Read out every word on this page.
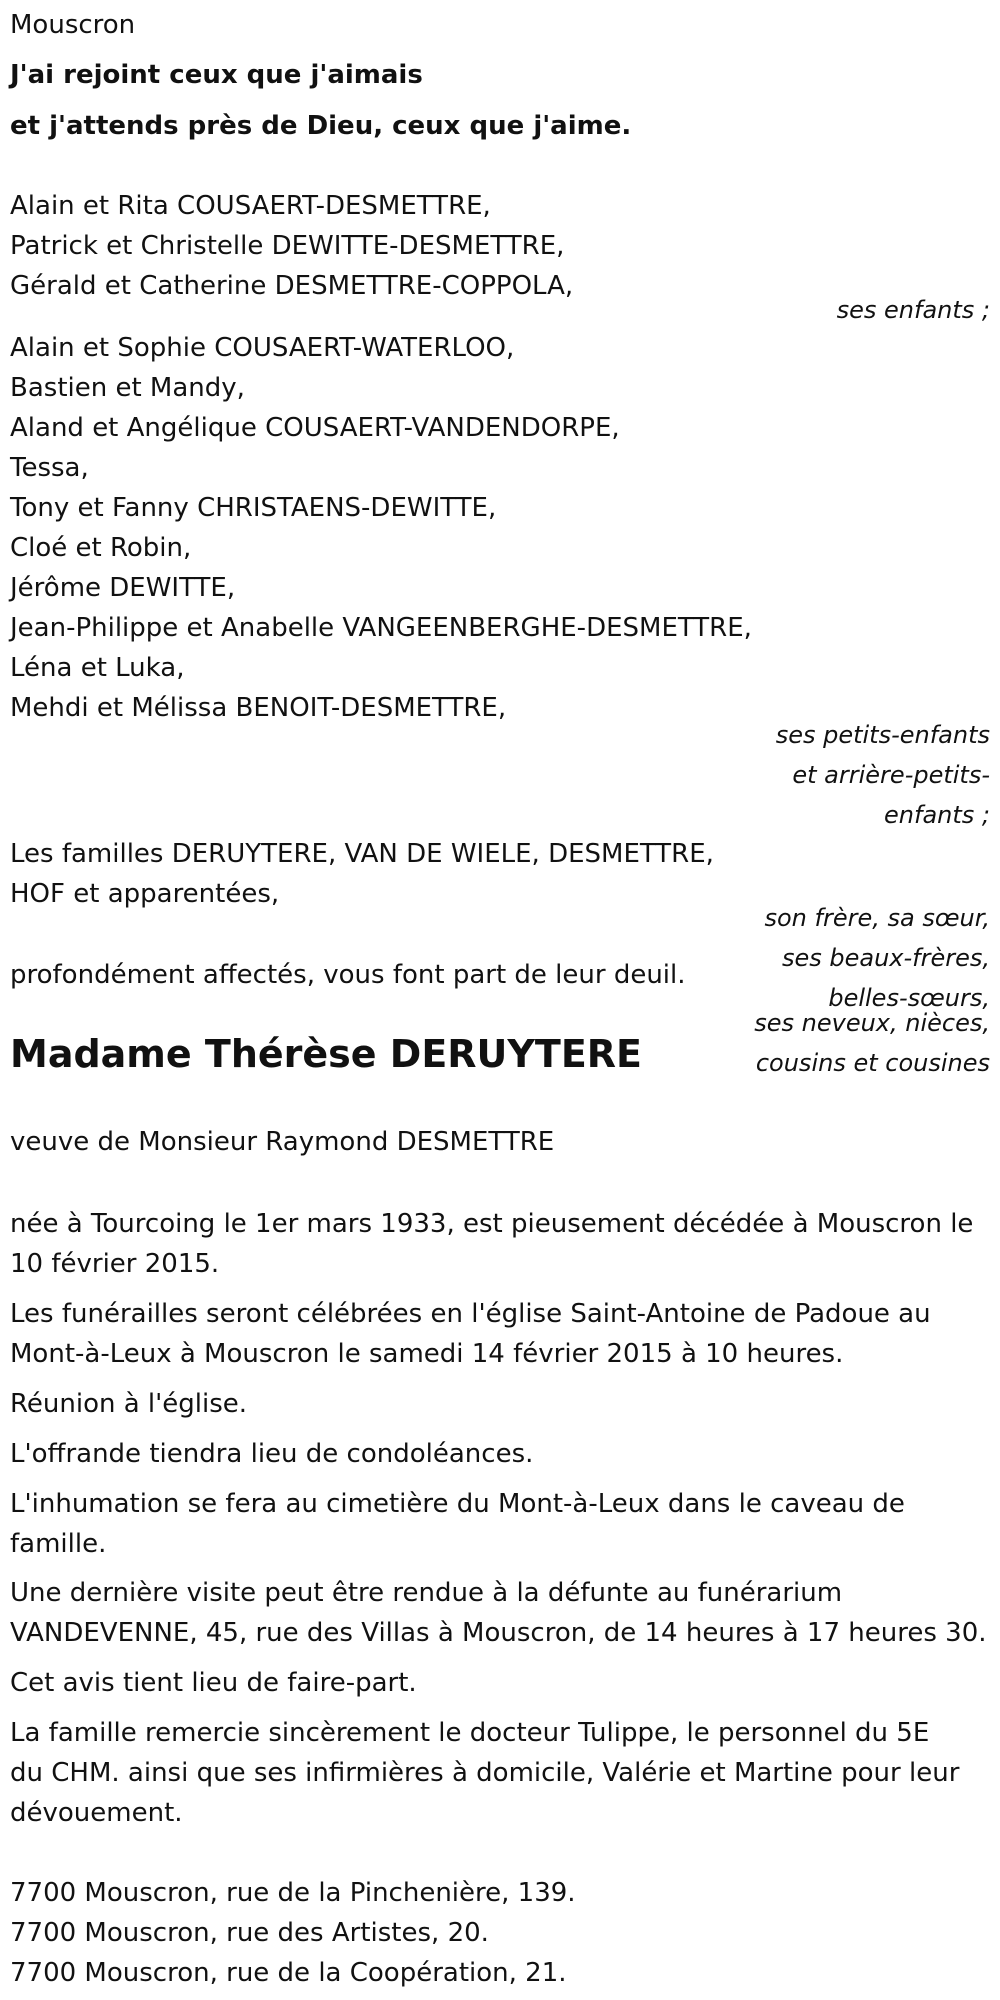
Mouscron
J'ai rejoint ceux que j'aimais
et j'attends près de Dieu, ceux que j'aime.
Alain et Rita COUSAERT-DESMETTRE,
Patrick et Christelle DEWITTE-DESMETTRE,
Gérald et Catherine DESMETTRE-COPPOLA,
ses enfants ;
Alain et Sophie COUSAERT-WATERLOO,
Bastien et Mandy,
Aland et Angélique COUSAERT-VANDENDORPE,
Tessa,
Tony et Fanny CHRISTAENS-DEWITTE,
Cloé et Robin,
Jérôme DEWITTE,
Jean-Philippe et Anabelle VANGEENBERGHE-DESMETTRE,
Léna et Luka,
Mehdi et Mélissa BENOIT-DESMETTRE,
ses petits-enfants
et arrière-petits-
enfants ;
Les familles DERUYTERE, VAN DE WIELE, DESMETTRE,
HOF et apparentées,
son frère, sa sœur,
ses beaux-frères,
belles-sœurs,
ses neveux, nièces,
cousins et cousines
profondément affectés, vous font part de leur deuil.
Madame Thérèse DERUYTERE
veuve de Monsieur Raymond DESMETTRE
née à Tourcoing le 1er mars 1933, est pieusement décédée à Mouscron le
10 février 2015.
Les funérailles seront célébrées en l'église Saint-Antoine de Padoue au
Mont-à-Leux à Mouscron le samedi 14 février 2015 à 10 heures.
Réunion à l'église.
L'offrande tiendra lieu de condoléances.
L'inhumation se fera au cimetière du Mont-à-Leux dans le caveau de
famille.
Une dernière visite peut être rendue à la défunte au funérarium
VANDEVENNE, 45, rue des Villas à Mouscron, de 14 heures à 17 heures 30.
Cet avis tient lieu de faire-part.
La famille remercie sincèrement le docteur Tulippe, le personnel du 5E
du CHM. ainsi que ses infirmières à domicile, Valérie et Martine pour leur
dévouement.
7700 Mouscron, rue de la Pinchenière, 139.
7700 Mouscron, rue des Artistes, 20.
7700 Mouscron, rue de la Coopération, 21.
